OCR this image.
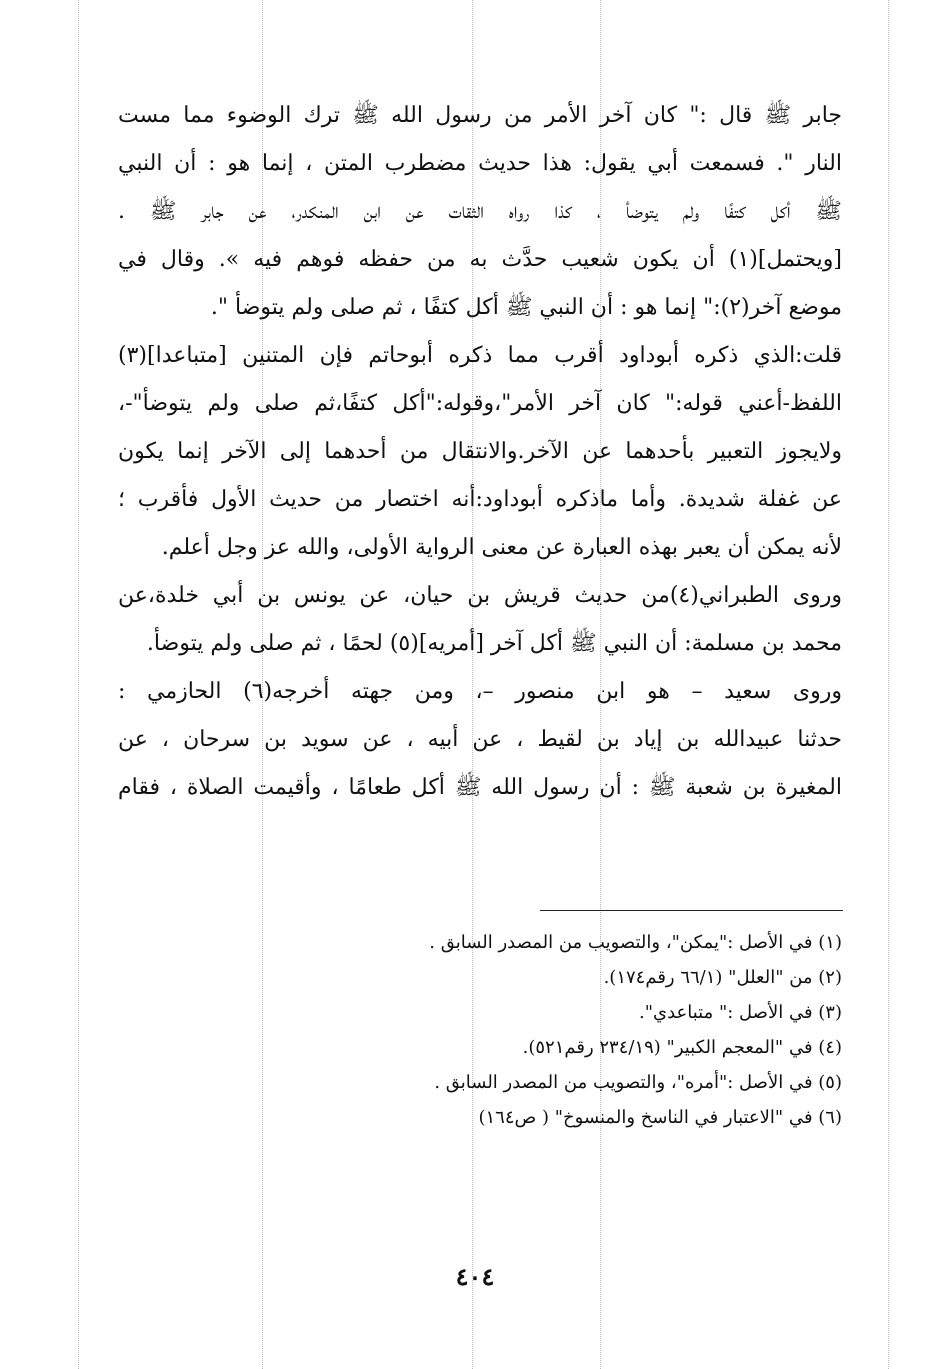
جابر ﷺ قال :" كان آخر الأمر من رسول الله ﷺ ترك الوضوء مما مست
النار ". فسمعت أبي يقول: هذا حديث مضطرب المتن ، إنما هو : أن النبي
ﷺ أكل كتفًا ولم يتوضأ ، كذا رواه الثقات عن ابن المنكدر، عن جابر ﷺ .
[ويحتمل](١) أن يكون شعيب حدَّث به من حفظه فوهم فيه ». وقال في
موضع آخر(٢):" إنما هو : أن النبي ﷺ أكل كتفًا ، ثم صلى ولم يتوضأ ".
قلت:الذي ذكره أبوداود أقرب مما ذكره أبوحاتم فإن المتنين [متباعدا](٣)
اللفظ-أعني قوله:" كان آخر الأمر"،وقوله:"أكل كتفًا،ثم صلى ولم يتوضأ"-،
ولايجوز التعبير بأحدهما عن الآخر.والانتقال من أحدهما إلى الآخر إنما يكون
عن غفلة شديدة. وأما ماذكره أبوداود:أنه اختصار من حديث الأول فأقرب ؛
لأنه يمكن أن يعبر بهذه العبارة عن معنى الرواية الأولى، والله عز وجل أعلم.
وروى الطبراني(٤)من حديث قريش بن حيان، عن يونس بن أبي خلدة،عن
محمد بن مسلمة: أن النبي ﷺ أكل آخر [أمريه](٥) لحمًا ، ثم صلى ولم يتوضأ.
وروى سعيد – هو ابن منصور –، ومن جهته أخرجه(٦) الحازمي :
حدثنا عبيدالله بن إياد بن لقيط ، عن أبيه ، عن سويد بن سرحان ، عن
المغيرة بن شعبة ﷺ : أن رسول الله ﷺ أكل طعامًا ، وأقيمت الصلاة ، فقام
(١) في الأصل :"يمكن"، والتصويب من المصدر السابق .
(٢) من "العلل" (٦٦/١ رقم١٧٤).
(٣) في الأصل :" متباعدي".
(٤) في "المعجم الكبير" (٢٣٤/١٩ رقم٥٢١).
(٥) في الأصل :"أمره"، والتصويب من المصدر السابق .
(٦) في "الاعتبار في الناسخ والمنسوخ" ( ص١٦٤)
٤٠٤
